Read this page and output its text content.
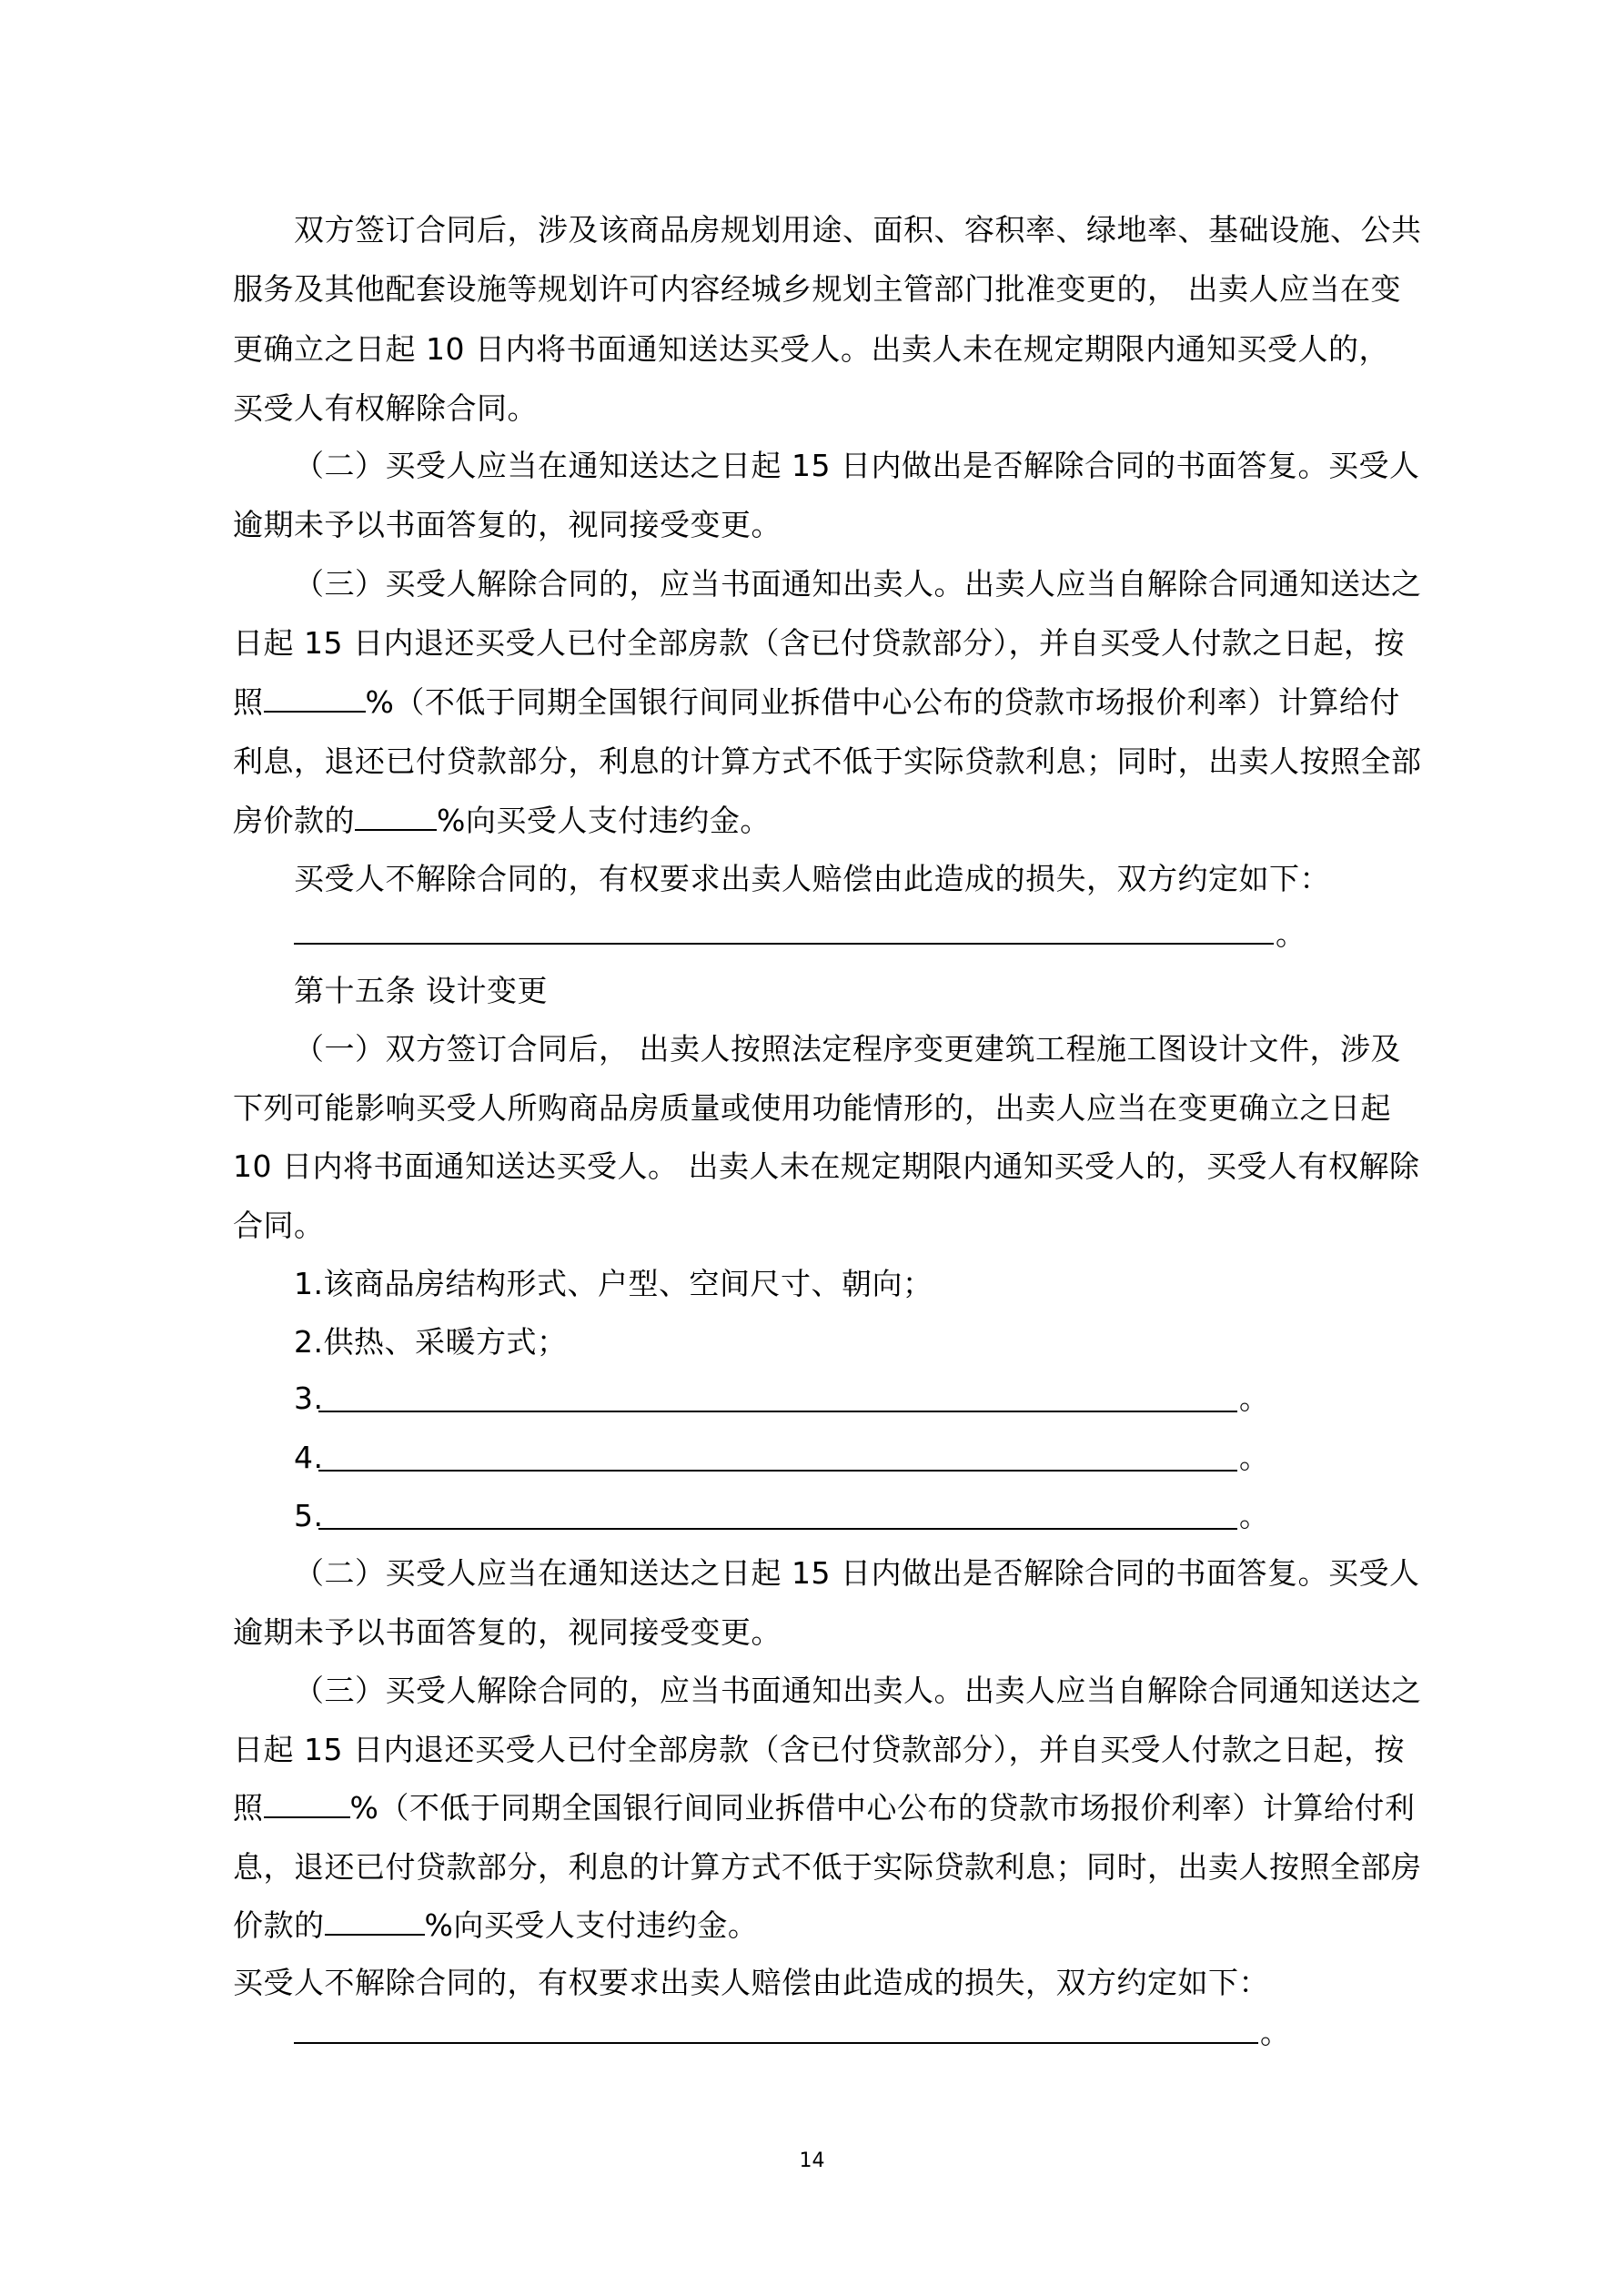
双方签订合同后，涉及该商品房规划用途、面积、容积率、绿地率、基础设施、公共
服务及其他配套设施等规划许可内容经城乡规划主管部门批准变更的， 出卖人应当在变
更确立之日起 10 日内将书面通知送达买受人。出卖人未在规定期限内通知买受人的，
买受人有权解除合同。
（二）买受人应当在通知送达之日起 15 日内做出是否解除合同的书面答复。买受人
逾期未予以书面答复的，视同接受变更。
（三）买受人解除合同的，应当书面通知出卖人。出卖人应当自解除合同通知送达之
日起 15 日内退还买受人已付全部房款（含已付贷款部分），并自买受人付款之日起，按
照	%（不低于同期全国银行间同业拆借中心公布的贷款市场报价利率）计算给付
利息，退还已付贷款部分，利息的计算方式不低于实际贷款利息；同时，出卖人按照全部
房价款的	%向买受人支付违约金。
买受人不解除合同的，有权要求出卖人赔偿由此造成的损失，双方约定如下：
。
第十五条 设计变更
（一）双方签订合同后， 出卖人按照法定程序变更建筑工程施工图设计文件，涉及
下列可能影响买受人所购商品房质量或使用功能情形的，出卖人应当在变更确立之日起
10 日内将书面通知送达买受人。 出卖人未在规定期限内通知买受人的，买受人有权解除
合同。
1.该商品房结构形式、户型、空间尺寸、朝向；
2.供热、采暖方式；
3.	。
4.	。
5.	。
（二）买受人应当在通知送达之日起 15 日内做出是否解除合同的书面答复。买受人
逾期未予以书面答复的，视同接受变更。
（三）买受人解除合同的，应当书面通知出卖人。出卖人应当自解除合同通知送达之
日起 15 日内退还买受人已付全部房款（含已付贷款部分），并自买受人付款之日起，按
照	%（不低于同期全国银行间同业拆借中心公布的贷款市场报价利率）计算给付利
息，退还已付贷款部分，利息的计算方式不低于实际贷款利息；同时，出卖人按照全部房
价款的	%向买受人支付违约金。
买受人不解除合同的，有权要求出卖人赔偿由此造成的损失，双方约定如下：
。
14
